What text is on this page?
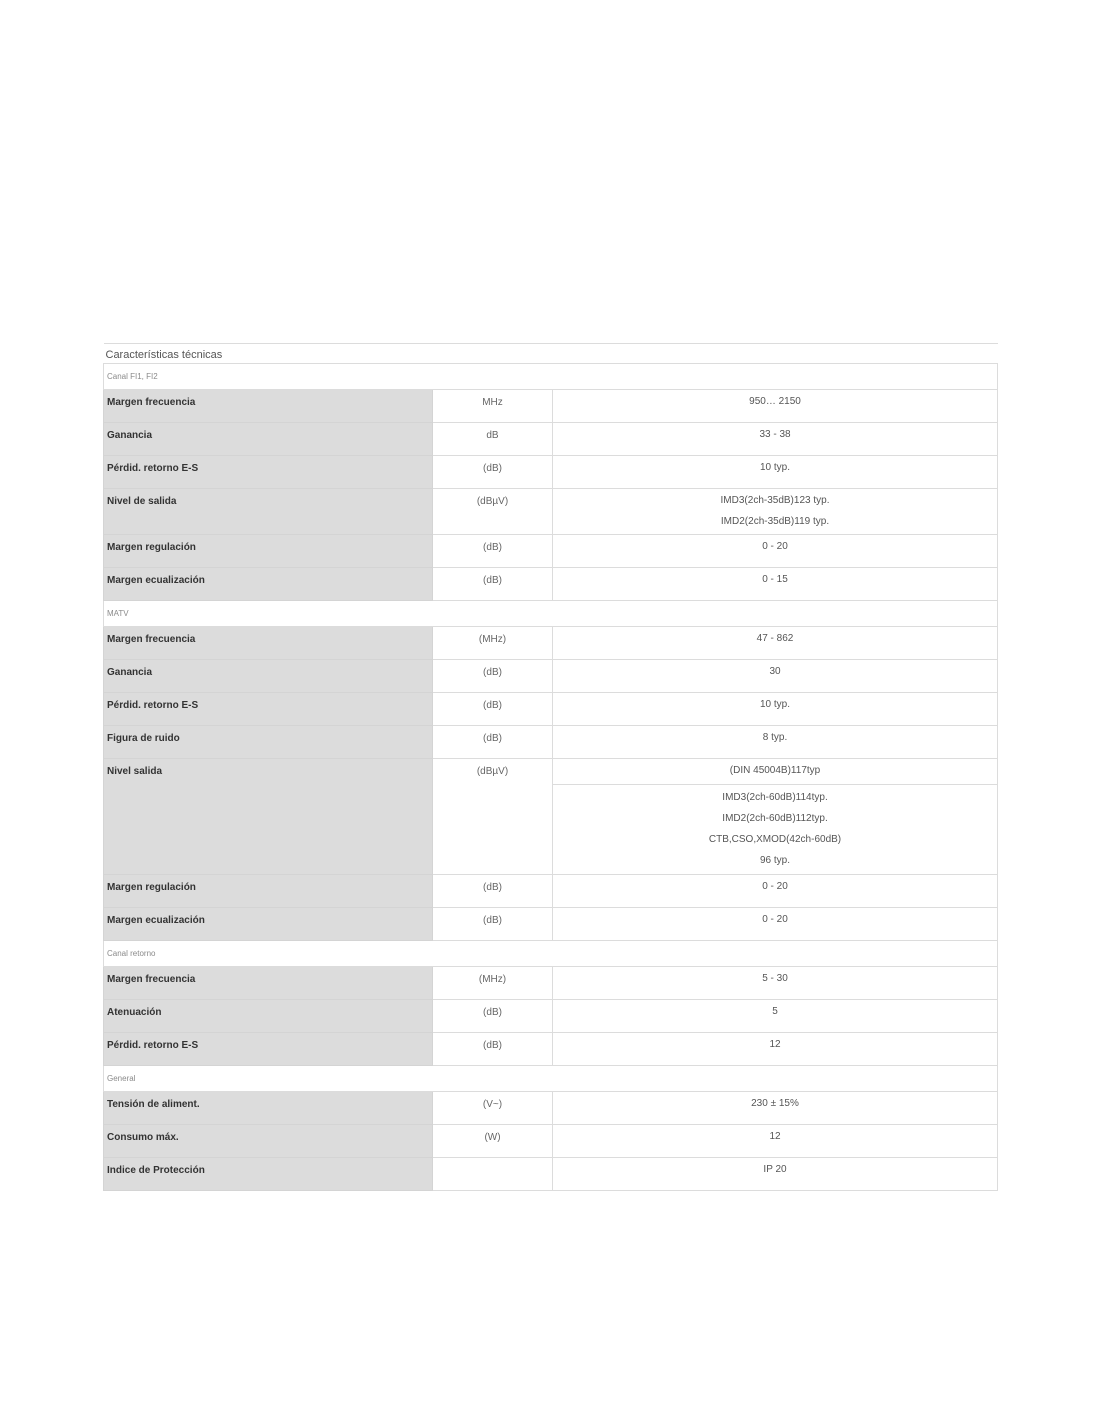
Características técnicas		
Canal FI1, FI2		
Margen frecuencia	MHz	950… 2150

Ganancia	dB	33 - 38

Pérdid. retorno E-S	(dB)	10 typ.

Nivel de salida	(dBµV)	IMD3(2ch-35dB)123 typ.
IMD2(2ch-35dB)119 typ.

Margen regulación	(dB)	0 - 20

Margen ecualización	(dB)	0 - 15

MATV		
Margen frecuencia	(MHz)	47 - 862

Ganancia	(dB)	30

Pérdid. retorno E-S	(dB)	10 typ.

Figura de ruido	(dB)	8 typ.

Nivel salida	(dBµV)	(DIN 45004B)117typ

		IMD3(2ch-60dB)114typ.
IMD2(2ch-60dB)112typ.
CTB,CSO,XMOD(42ch-60dB)
96 typ.

Margen regulación	(dB)	0 - 20

Margen ecualización	(dB)	0 - 20

Canal retorno		
Margen frecuencia	(MHz)	5 - 30

Atenuación	(dB)	5

Pérdid. retorno E-S	(dB)	12

General		
Tensión de aliment.	(V~)	230 ± 15%

Consumo máx.	(W)	12

Indice de Protección		IP 20
